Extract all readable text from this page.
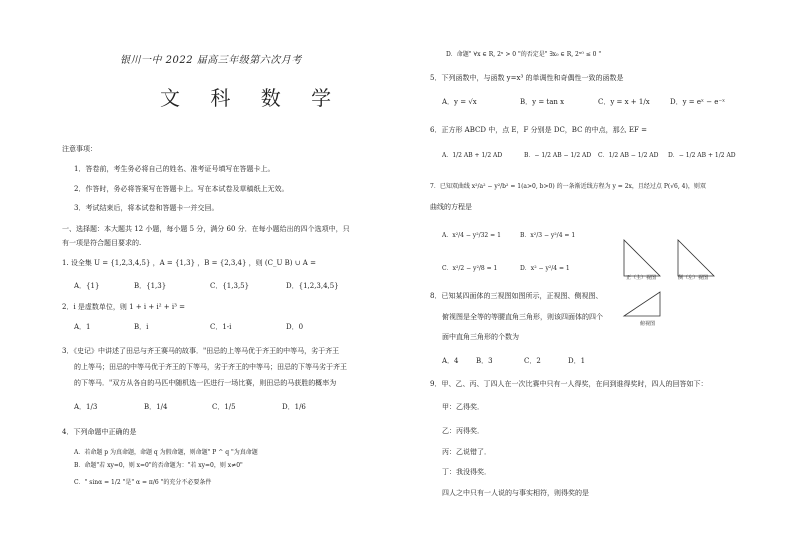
银川一中 2022 届高三年级第六次月考
文 科 数 学
注意事项：
1．答卷前，考生务必将自己的姓名、准考证号填写在答题卡上。
2．作答时，务必将答案写在答题卡上。写在本试卷及草稿纸上无效。
3．考试结束后，将本试卷和答题卡一并交回。
一、选择题：本大题共 12 小题，每小题 5 分，满分 60 分．在每小题给出的四个选项中，只
有一项是符合题目要求的.
1. 设全集 U = {1,2,3,4,5} ，A = {1,3} ，B = {2,3,4} ，则 (C_U B) ∪ A =
A．{1}	B．{1,3}	C．{1,3,5}	D．{1,2,3,4,5}
2．i 是虚数单位，则 1 + i + i² + i³ =
A．1	B．i	C．1-i	D．0
3．《史记》中讲述了田忌与齐王赛马的故事．"田忌的上等马优于齐王的中等马，劣于齐王
的上等马；田忌的中等马优于齐王的下等马，劣于齐王的中等马；田忌的下等马劣于齐王
的下等马．"双方从各自的马匹中随机选一匹进行一场比赛，则田忌的马获胜的概率为
A．1/3	B．1/4	C．1/5	D．1/6
4．下列命题中正确的是
A．若命题 p 为真命题，命题 q 为假命题，则命题" P ^ q "为真命题
B．命题"若 xy=0，则 x=0"的否命题为："若 xy=0，则 x≠0"
C．" sinα = 1/2 "是" α = π/6 "的充分不必要条件
D．命题" ∀x ∈ R, 2ˣ > 0 "的否定是" ∃x₀ ∈ R, 2ˣ⁰ ≤ 0 "
5．下列函数中，与函数 y=x³ 的单调性和奇偶性一致的函数是
A．y = √x	B．y = tan x	C．y = x + 1/x	D．y = eˣ − e⁻ˣ
6．正方形 ABCD 中，点 E，F 分别是 DC，BC 的中点，那么 EF =
A．1/2 AB + 1/2 AD	B．− 1/2 AB − 1/2 AD C．1/2 AB − 1/2 AD D．− 1/2 AB + 1/2 AD
7．已知双曲线 x²/a² − y²/b² = 1(a>0, b>0) 的一条渐近线方程为 y = 2x，且经过点 P(√6, 4)，则双
曲线的方程是
A．x²/4 − y²/32 = 1	B．x²/3 − y²/4 = 1
C．x²/2 − y²/8 = 1	D．x² − y²/4 = 1
正（主）视图	侧（左）视图
俯视图
8．已知某四面体的三视图如图所示，正视图、侧视图、
俯视图是全等的等腰直角三角形，则该四面体的四个
面中直角三角形的个数为
A．4 B．3	C．2	D．1
9．甲、乙、丙、丁四人在一次比赛中只有一人得奖，在问到谁得奖时，四人的回答如下：
甲：乙得奖．
乙：丙得奖．
丙：乙说错了．
丁：我没得奖．
四人之中只有一人说的与事实相符，则得奖的是
